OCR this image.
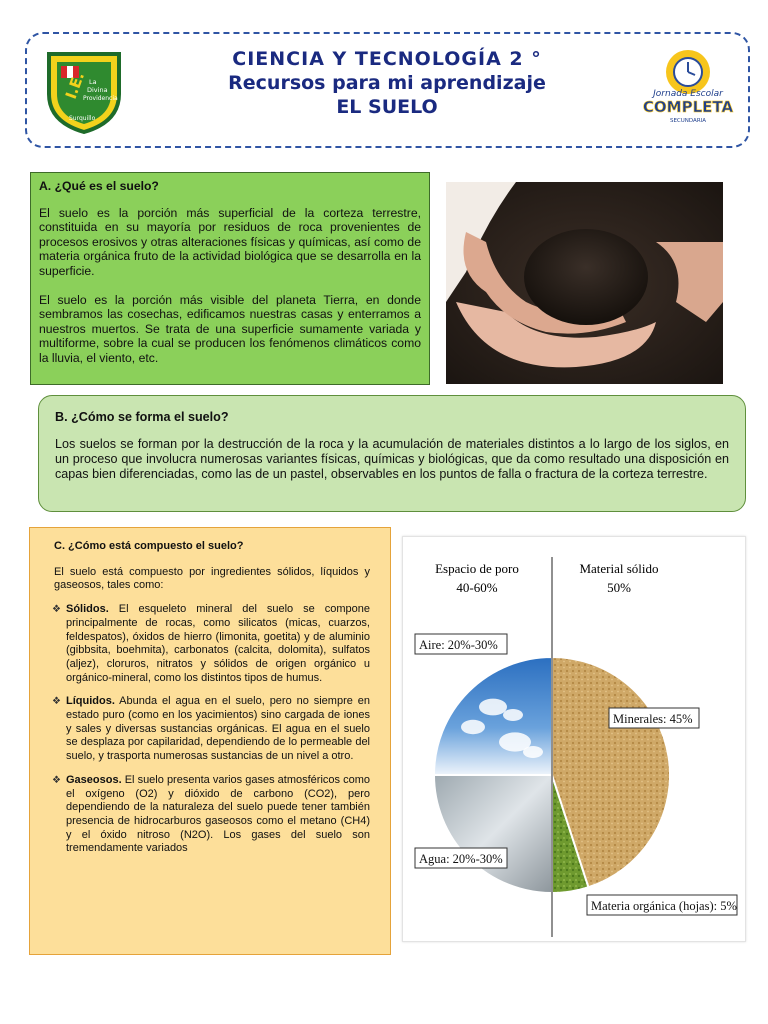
I.E. La
Divina
Providencia
Surquillo
CIENCIA Y TECNOLOGÍA 2 °
Recursos para mi aprendizaje
EL SUELO
Jornada Escolar
COMPLETA
SECUNDARIA
A. ¿Qué es el suelo?

El suelo es la porción más superficial de la corteza terrestre, constituida en su mayoría por residuos de roca provenientes de procesos erosivos y otras alteraciones físicas y químicas, así como de materia orgánica fruto de la actividad biológica que se desarrolla en la superficie.

El suelo es la porción más visible del planeta Tierra, en donde sembramos las cosechas, edificamos nuestras casas y enterramos a nuestros muertos. Se trata de una superficie sumamente variada y multiforme, sobre la cual se producen los fenómenos climáticos como la lluvia, el viento, etc.

B. ¿Cómo se forma el suelo?

Los suelos se forman por la destrucción de la roca y la acumulación de materiales distintos a lo largo de los siglos, en un proceso que involucra numerosas variantes físicas, químicas y biológicas, que da como resultado una disposición en capas bien diferenciadas, como las de un pastel, observables en los puntos de falla o fractura de la corteza terrestre.

C. ¿Cómo está compuesto el suelo?

El suelo está compuesto por ingredientes sólidos, líquidos y gaseosos, tales como:

❖ Sólidos. El esqueleto mineral del suelo se compone principalmente de rocas, como silicatos (micas, cuarzos, feldespatos), óxidos de hierro (limonita, goetita) y de aluminio (gibbsita, boehmita), carbonatos (calcita, dolomita), sulfatos (aljez), cloruros, nitratos y sólidos de origen orgánico u orgánico-mineral, como los distintos tipos de humus.
❖ Líquidos. Abunda el agua en el suelo, pero no siempre en estado puro (como en los yacimientos) sino cargada de iones y sales y diversas sustancias orgánicas. El agua en el suelo se desplaza por capilaridad, dependiendo de lo permeable del suelo, y trasporta numerosas sustancias de un nivel a otro.
❖ Gaseosos. El suelo presenta varios gases atmosféricos como el oxígeno (O2) y dióxido de carbono (CO2), pero dependiendo de la naturaleza del suelo puede tener también presencia de hidrocarburos gaseosos como el metano (CH4) y el óxido nitroso (N2O). Los gases del suelo son tremendamente variados
Espacio de poro
40-60%
Material sólido
50%
Aire: 20%-30%
Agua: 20%-30%
Materia orgánica (hojas): 5%
Minerales: 45%
